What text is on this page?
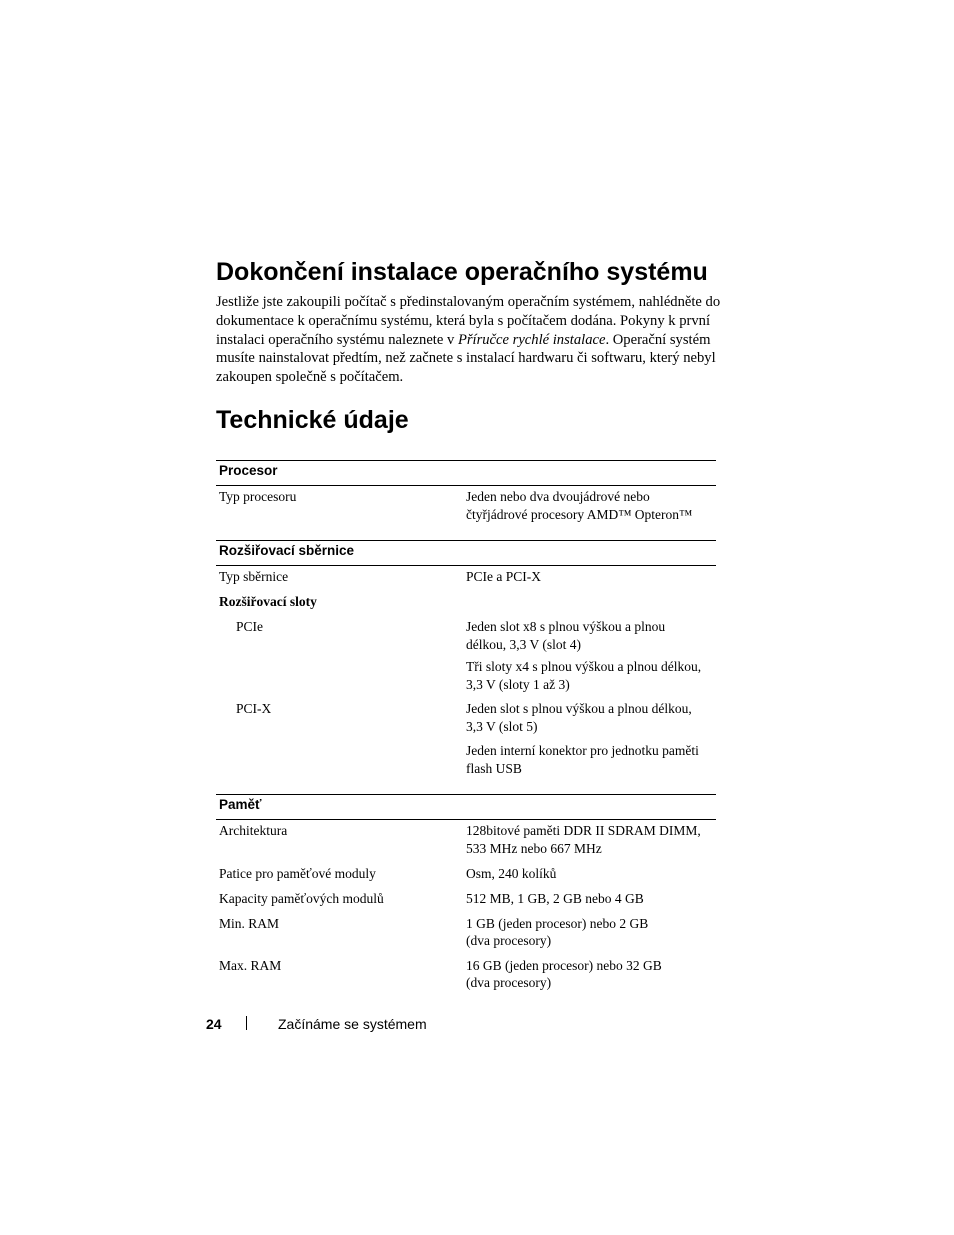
Dokončení instalace operačního systému

Jestliže jste zakoupili počítač s předinstalovaným operačním systémem, nahlédněte do dokumentace k operačnímu systému, která byla s počítačem dodána. Pokyny k první instalaci operačního systému naleznete v Příručce rychlé instalace. Operační systém musíte nainstalovat předtím, než začnete s instalací hardwaru či softwaru, který nebyl zakoupen společně s počítačem.

Technické údaje
Procesor
Typ procesoru	Jeden nebo dva dvoujádrové nebo
čtyřjádrové procesory AMD™ Opteron™
Rozšiřovací sběrnice
Typ sběrnice	PCIe a PCI-X
Rozšiřovací sloty
PCIe	Jeden slot x8 s plnou výškou a plnou
délkou, 3,3 V (slot 4)
Tři sloty x4 s plnou výškou a plnou délkou,
3,3 V (sloty 1 až 3)
PCI-X	Jeden slot s plnou výškou a plnou délkou,
3,3 V (slot 5)
Jeden interní konektor pro jednotku paměti
flash USB
Paměť
Architektura	128bitové paměti DDR II SDRAM DIMM,
533 MHz nebo 667 MHz
Patice pro paměťové moduly	Osm, 240 kolíků
Kapacity paměťových modulů	512 MB, 1 GB, 2 GB nebo 4 GB
Min. RAM	1 GB (jeden procesor) nebo 2 GB
(dva procesory)
Max. RAM	16 GB (jeden procesor) nebo 32 GB
(dva procesory)
24	Začínáme se systémem
